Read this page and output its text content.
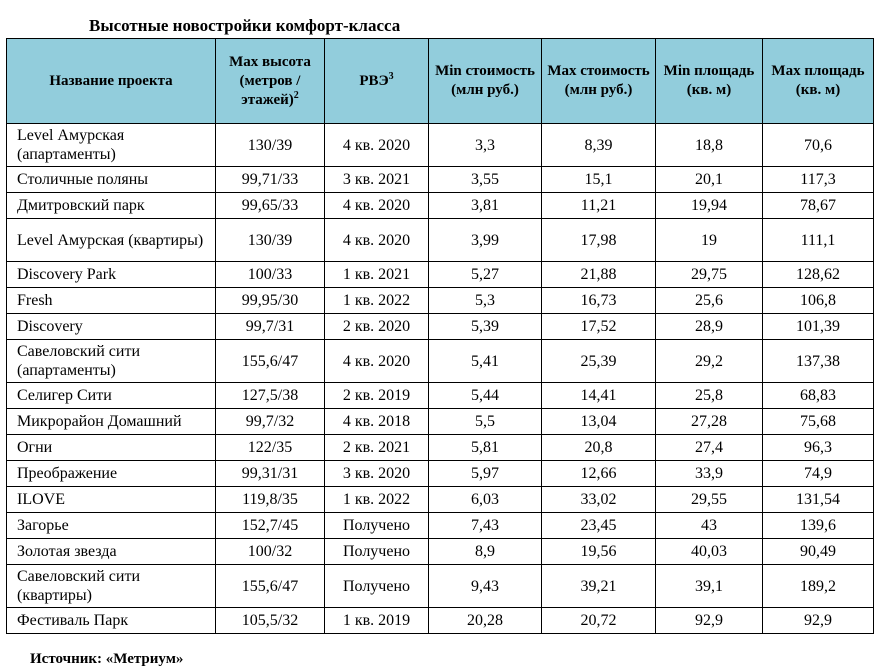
Высотные новостройки комфорт-класса
Название проекта	Max высота (метров / этажей)$^2$	РВЭ$^3$	Min стоимость (млн руб.)	Max стоимость (млн руб.)	Min площадь (кв. м)	Max площадь (кв. м)
Level Амурская (апартаменты)	130/39	4 кв. 2020	3,3	8,39	18,8	70,6
Столичные поляны	99,71/33	3 кв. 2021	3,55	15,1	20,1	117,3
Дмитровский парк	99,65/33	4 кв. 2020	3,81	11,21	19,94	78,67
Level Амурская (квартиры)	130/39	4 кв. 2020	3,99	17,98	19	111,1
Discovery Park	100/33	1 кв. 2021	5,27	21,88	29,75	128,62
Fresh	99,95/30	1 кв. 2022	5,3	16,73	25,6	106,8
Discovery	99,7/31	2 кв. 2020	5,39	17,52	28,9	101,39
Савеловский сити (апартаменты)	155,6/47	4 кв. 2020	5,41	25,39	29,2	137,38
Селигер Сити	127,5/38	2 кв. 2019	5,44	14,41	25,8	68,83
Микрорайон Домашний	99,7/32	4 кв. 2018	5,5	13,04	27,28	75,68
Огни	122/35	2 кв. 2021	5,81	20,8	27,4	96,3
Преображение	99,31/31	3 кв. 2020	5,97	12,66	33,9	74,9
ILOVE	119,8/35	1 кв. 2022	6,03	33,02	29,55	131,54
Загорье	152,7/45	Получено	7,43	23,45	43	139,6
Золотая звезда	100/32	Получено	8,9	19,56	40,03	90,49
Савеловский сити (квартиры)	155,6/47	Получено	9,43	39,21	39,1	189,2
Фестиваль Парк	105,5/32	1 кв. 2019	20,28	20,72	92,9	92,9
Источник: «Метриум»
